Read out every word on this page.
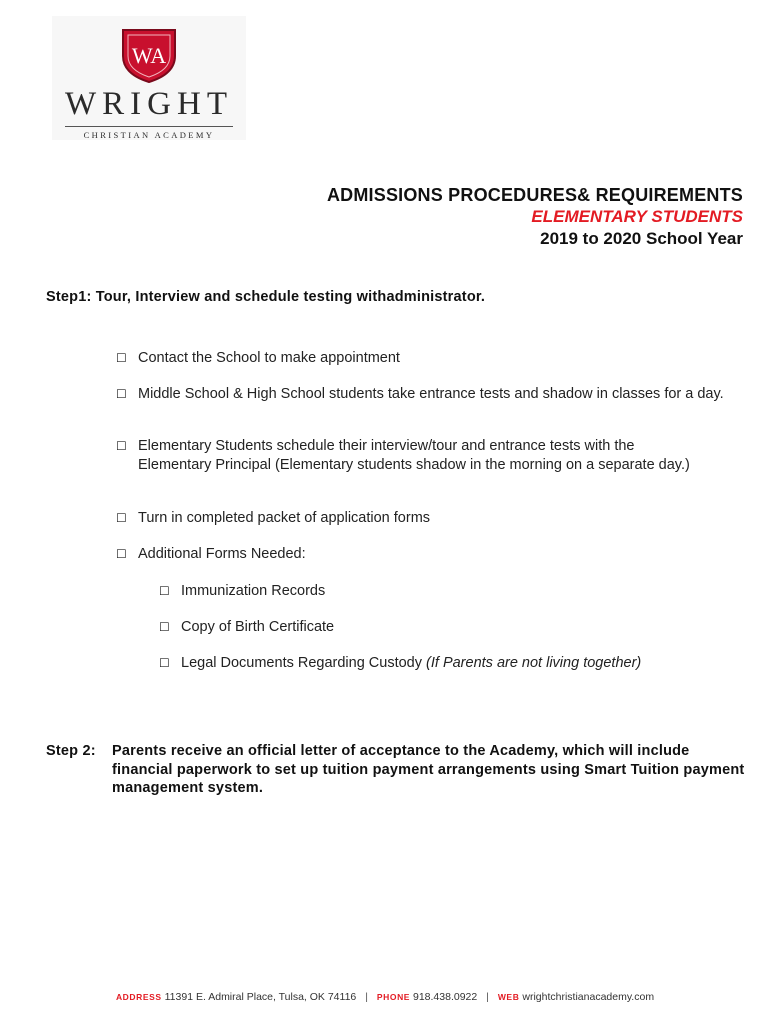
WA
WRIGHT
CHRISTIAN ACADEMY
ADMISSIONS PROCEDURES& REQUIREMENTS
ELEMENTARY STUDENTS
2019 to 2020 School Year
Step1: Tour, Interview and schedule testing withadministrator.
☐ Contact the School to make appointment
☐ Middle School & High School students take entrance tests and shadow in classes for a day.
☐ Elementary Students schedule their interview/tour and entrance tests with the Elementary Principal (Elementary students shadow in the morning on a separate day.)
☐ Turn in completed packet of application forms
☐ Additional Forms Needed:
☐ Immunization Records
☐ Copy of Birth Certificate
☐ Legal Documents Regarding Custody (If Parents are not living together)
Step 2:	Parents receive an official letter of acceptance to the Academy, which will include financial paperwork to set up tuition payment arrangements using Smart Tuition payment management system.
ADDRESS 11391 E. Admiral Place, Tulsa, OK 74116 | PHONE 918.438.0922 | WEB wrightchristianacademy.com
